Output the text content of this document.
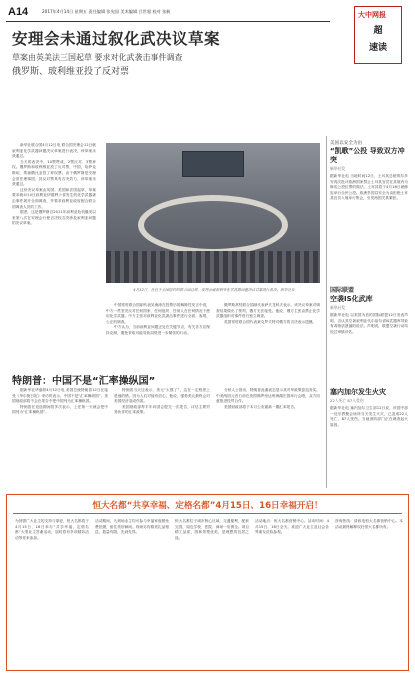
A14	2017年4月14日 星期五 责任编辑 张宪国 美术编辑 吕世超 校对 张帆	大中网报
超
速读
安理会未通过叙化武决议草案
草案由英美法三国起草 要求对化武袭击事件调查
俄罗斯、玻利维亚投了反对票

新华社联合国4月12日电 联合国安理会12日就叙利亚化学武器问题决议草案进行表决，该草案未获通过。

当天的表决中，10票赞成、2票反对、3票弃权。俄罗斯和玻利维亚投了反对票，中国、哈萨克斯坦、埃塞俄比亚投了弃权票。由于俄罗斯是安理会常任理事国，其反对票具有否决效力，该草案未获通过。

这份决议草案由英国、美国和法国起草，草案要求就4月4日叙利亚伊德利卜省发生的化学武器袭击事件展开全面调查，并要求叙利亚政府配合联合国调查人员的工作。

据悉，这是俄罗斯自2011年叙利亚危机爆发以来第八次在安理会行使否决权否决涉及叙利亚问题的决议草案。

4月12日，在位于美国纽约的联合国总部，安理会就叙利亚化学武器问题决议草案进行表决。新华社发

中国常驻联合国副代表吴海涛在投票后的解释性发言中说，中方一贯坚决反对任何国家、任何组织、任何人在任何情况下使用化学武器。中方主张对叙利亚化武袭击事件进行全面、客观、公正的调查。

中方认为，当前叙利亚问题正处在关键节点，有关各方应保持克制，避免采取可能导致局势进一步紧张的行动。

俄罗斯常驻联合国副代表萨夫龙科夫表示，该决议草案对调查结果做出了预判，俄方无法接受。他说，俄方主张由禁止化学武器组织对事件进行独立调查。

英国常驻联合国代表莱克罗夫特对俄方的否决表示遗憾。

特朗普：中国不是“汇率操纵国”

据新华社华盛顿4月12日电 美国总统特朗普12日在接受《华尔街日报》采访时表示，中国不是“汇率操纵国”，美国财政部将不会在报告中把中国列为汇率操纵国。

特朗普在竞选期间曾多次表示，上任第一天就会把中国列为“汇率操纵国”。

特朗普当天还表示，美元“太强了”，这在一定程度上是他的错，因为人们对他有信心。他说，强势美元最终会对美国经济造成伤害。

美国财政部每半年向国会提交一次报告，评估主要贸易伙伴的汇率政策。

分析人士指出，特朗普此番表态显示其对华政策更趋务实。中美两国元首日前在美国佛罗里达州海湖庄园举行会晤，双方同意推进经贸合作。

美国财政部将于本月公布最新一期汇率报告。

美国以安全为由
“凯歌”公投 导致双方冲突
新华社发
据新华社电 当地时间12日，土耳其总统埃尔多安再次批评欧洲国家禁止土耳其官员在其境内为修宪公投拉票的做法。土耳其将于4月16日就修宪举行全民公投。欧洲多国以安全为由拒绝土耳其官员入境举行集会，引发两国关系紧张。
国际联盟
空袭IS化武库
新华社发
据新华社电 以美国为首的国际联盟12日发表声明，否认其空袭叙利亚代尔祖尔省IS武器库导致有毒物质泄漏的说法。声明说，联盟空袭行动均经过审慎评估。
塞内加尔发生火灾
22人死亡 87人受伤
据新华社电 塞内加尔卫生部12日说，该国中部一处宗教聚会场所当天发生火灾，已造成22人死亡、87人受伤。当地消防部门正在调查起火原因。
恒大名都“共享幸福、定格名都”4月15日、16日幸福开启！
为回馈广大业主的支持与厚爱，恒大名都将于4月15日、16日举办“共享幸福、定格名都”大型业主答谢活动，届时将有多项精彩活动等你来参加。
活动期间，凡到场业主均可参与幸福家庭照免费拍摄，留住美好瞬间。现场另有精美礼品相送，数量有限，先到先得。
恒大名都位于城市核心区域，交通便利，配套完善，周边学校、医院、商场一应俱全。项目精工品质，园林景观优美，是理想的宜居之选。
活动地点：恒大名都营销中心。活动时间：4月15日、16日全天。欢迎广大业主及社会各界朋友莅临参观。
咨询热线：请致电恒大名都营销中心。本活动最终解释权归恒大名都所有。
